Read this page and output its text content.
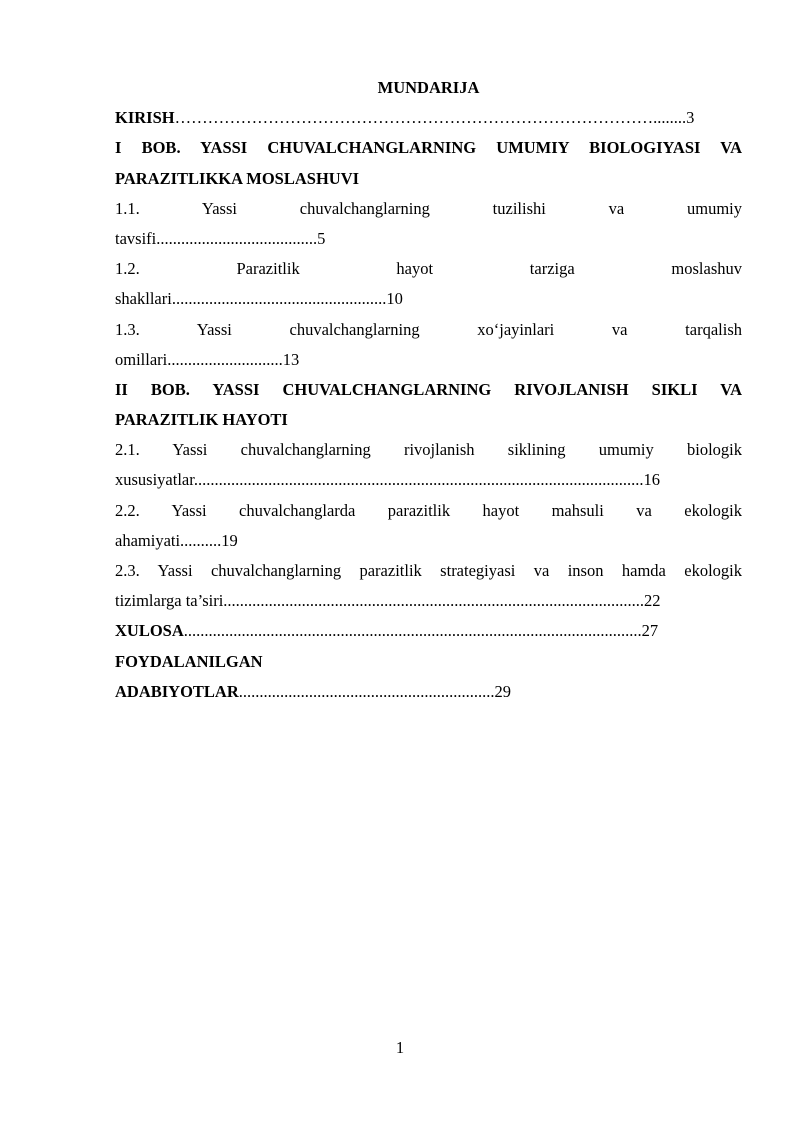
MUNDARIJA
KIRISH……………………………………………………………………………........3
I BOB. YASSI CHUVALCHANGLARNING UMUMIY BIOLOGIYASI VA
PARAZITLIKKA MOSLASHUVI
1.1. Yassi chuvalchanglarning tuzilishi va umumiy
tavsifi.......................................5
1.2. Parazitlik hayot tarziga moslashuv
shakllari....................................................10
1.3. Yassi chuvalchanglarning xo‘jayinlari va tarqalish
omillari............................13
II BOB. YASSI CHUVALCHANGLARNING RIVOJLANISH SIKLI VA
PARAZITLIK HAYOTI
2.1. Yassi chuvalchanglarning rivojlanish siklining umumiy biologik
xususiyatlar.............................................................................................................16
2.2. Yassi chuvalchanglarda parazitlik hayot mahsuli va ekologik
ahamiyati..........19
2.3. Yassi chuvalchanglarning parazitlik strategiyasi va inson hamda ekologik
tizimlarga ta’siri......................................................................................................22
XULOSA...............................................................................................................27
FOYDALANILGAN
ADABIYOTLAR..............................................................29
1
